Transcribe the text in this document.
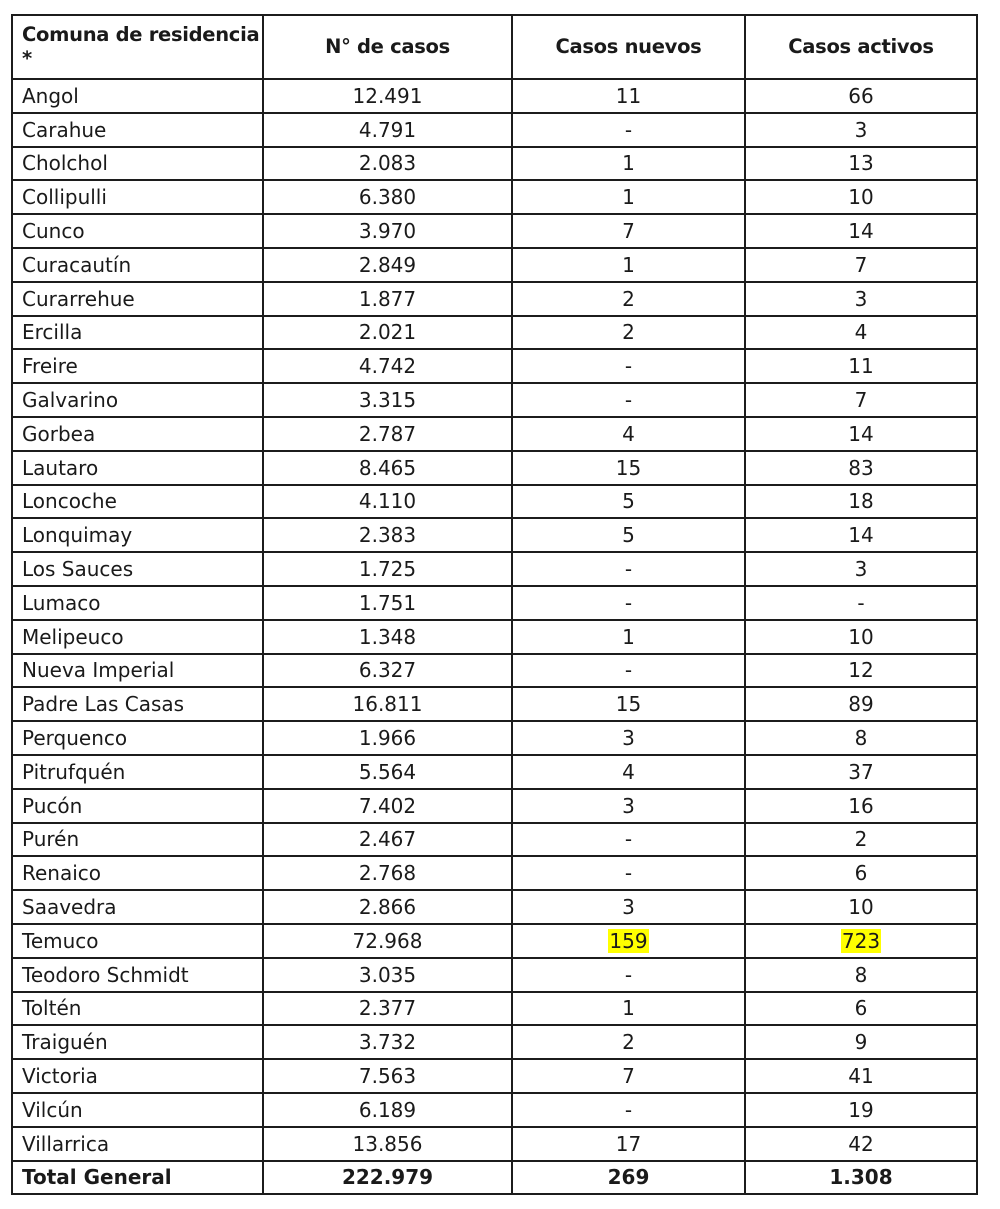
Comuna de residencia *	N° de casos	Casos nuevos	Casos activos
Angol	12.491	11	66
Carahue	4.791	-	3
Cholchol	2.083	1	13
Collipulli	6.380	1	10
Cunco	3.970	7	14
Curacautín	2.849	1	7
Curarrehue	1.877	2	3
Ercilla	2.021	2	4
Freire	4.742	-	11
Galvarino	3.315	-	7
Gorbea	2.787	4	14
Lautaro	8.465	15	83
Loncoche	4.110	5	18
Lonquimay	2.383	5	14
Los Sauces	1.725	-	3
Lumaco	1.751	-	-
Melipeuco	1.348	1	10
Nueva Imperial	6.327	-	12
Padre Las Casas	16.811	15	89
Perquenco	1.966	3	8
Pitrufquén	5.564	4	37
Pucón	7.402	3	16
Purén	2.467	-	2
Renaico	2.768	-	6
Saavedra	2.866	3	10
Temuco	72.968	159	723
Teodoro Schmidt	3.035	-	8
Toltén	2.377	1	6
Traiguén	3.732	2	9
Victoria	7.563	7	41
Vilcún	6.189	-	19
Villarrica	13.856	17	42
Total General	222.979	269	1.308
